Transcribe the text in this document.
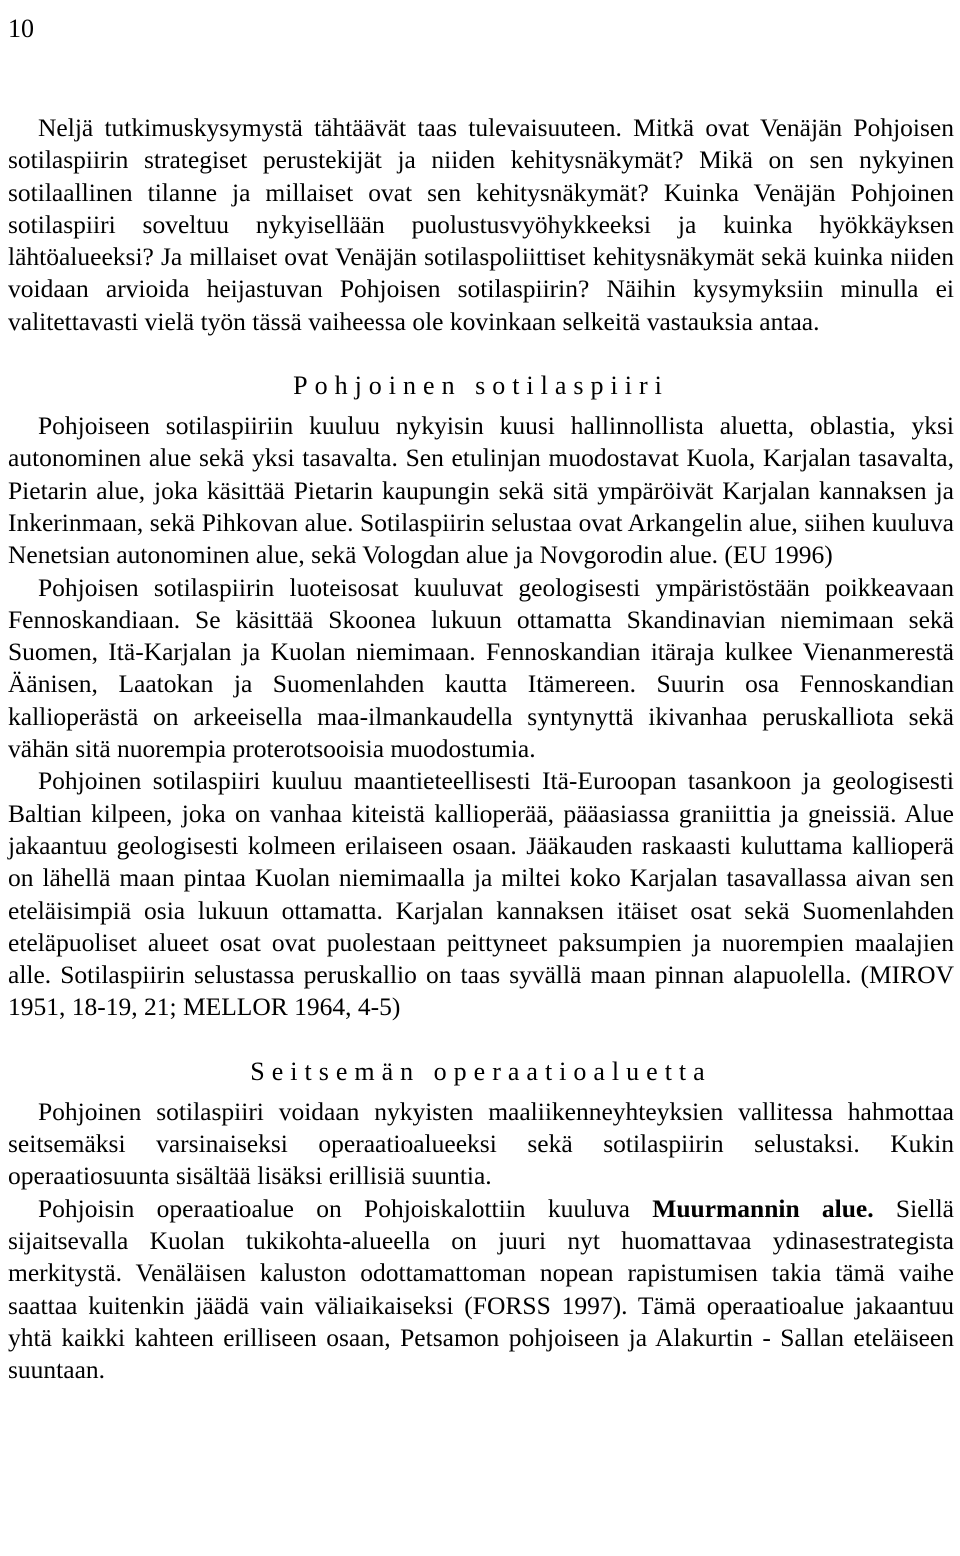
10

Neljä tutkimuskysymystä tähtäävät taas tulevaisuuteen. Mitkä ovat Venäjän Pohjoisen sotilaspiirin strategiset perustekijät ja niiden kehitysnäkymät? Mikä on sen nykyinen sotilaallinen tilanne ja millaiset ovat sen kehitysnäkymät? Kuinka Venäjän Pohjoinen sotilaspiiri soveltuu nykyisellään puolustusvyöhykkeeksi ja kuinka hyökkäyksen lähtöalueeksi? Ja millaiset ovat Venäjän sotilaspoliittiset kehitysnäkymät sekä kuinka niiden voidaan arvioida heijastuvan Pohjoisen sotilaspiirin? Näihin kysymyksiin minulla ei valitettavasti vielä työn tässä vaiheessa ole kovinkaan selkeitä vastauksia antaa.

Pohjoinen sotilaspiiri

Pohjoiseen sotilaspiiriin kuuluu nykyisin kuusi hallinnollista aluetta, oblastia, yksi autonominen alue sekä yksi tasavalta. Sen etulinjan muodostavat Kuola, Karjalan tasavalta, Pietarin alue, joka käsittää Pietarin kaupungin sekä sitä ympäröivät Karjalan kannaksen ja Inkerinmaan, sekä Pihkovan alue. Sotilaspiirin selustaa ovat Arkangelin alue, siihen kuuluva Nenetsian autonominen alue, sekä Vologdan alue ja Novgorodin alue. (EU 1996)

Pohjoisen sotilaspiirin luoteisosat kuuluvat geologisesti ympäristöstään poikkeavaan Fennoskandiaan. Se käsittää Skoonea lukuun ottamatta Skandinavian niemimaan sekä Suomen, Itä-Karjalan ja Kuolan niemimaan. Fennoskandian itäraja kulkee Vienanmerestä Äänisen, Laatokan ja Suomenlahden kautta Itämereen. Suurin osa Fennoskandian kallioperästä on arkeeisella maa-ilmankaudella syntynyttä ikivanhaa peruskalliota sekä vähän sitä nuorempia proterotsooisia muodostumia.

Pohjoinen sotilaspiiri kuuluu maantieteellisesti Itä-Euroopan tasankoon ja geologisesti Baltian kilpeen, joka on vanhaa kiteistä kallioperää, pääasiassa graniittia ja gneissiä. Alue jakaantuu geologisesti kolmeen erilaiseen osaan. Jääkauden raskaasti kuluttama kallioperä on lähellä maan pintaa Kuolan niemimaalla ja miltei koko Karjalan tasavallassa aivan sen eteläisimpiä osia lukuun ottamatta. Karjalan kannaksen itäiset osat sekä Suomenlahden eteläpuoliset alueet osat ovat puolestaan peittyneet paksumpien ja nuorempien maalajien alle. Sotilaspiirin selustassa peruskallio on taas syvällä maan pinnan alapuolella. (MIROV 1951, 18-19, 21; MELLOR 1964, 4-5)

Seitsemän operaatioaluetta

Pohjoinen sotilaspiiri voidaan nykyisten maaliikenneyhteyksien vallitessa hahmottaa seitsemäksi varsinaiseksi operaatioalueeksi sekä sotilaspiirin selustaksi. Kukin operaatiosuunta sisältää lisäksi erillisiä suuntia.

Pohjoisin operaatioalue on Pohjoiskalottiin kuuluva Muurmannin alue. Siellä sijaitsevalla Kuolan tukikohta-alueella on juuri nyt huomattavaa ydinasestrategista merkitystä. Venäläisen kaluston odottamattoman nopean rapistumisen takia tämä vaihe saattaa kuitenkin jäädä vain väliaikaiseksi (FORSS 1997). Tämä operaatioalue jakaantuu yhtä kaikki kahteen erilliseen osaan, Petsamon pohjoiseen ja Alakurtin - Sallan eteläiseen suuntaan.
